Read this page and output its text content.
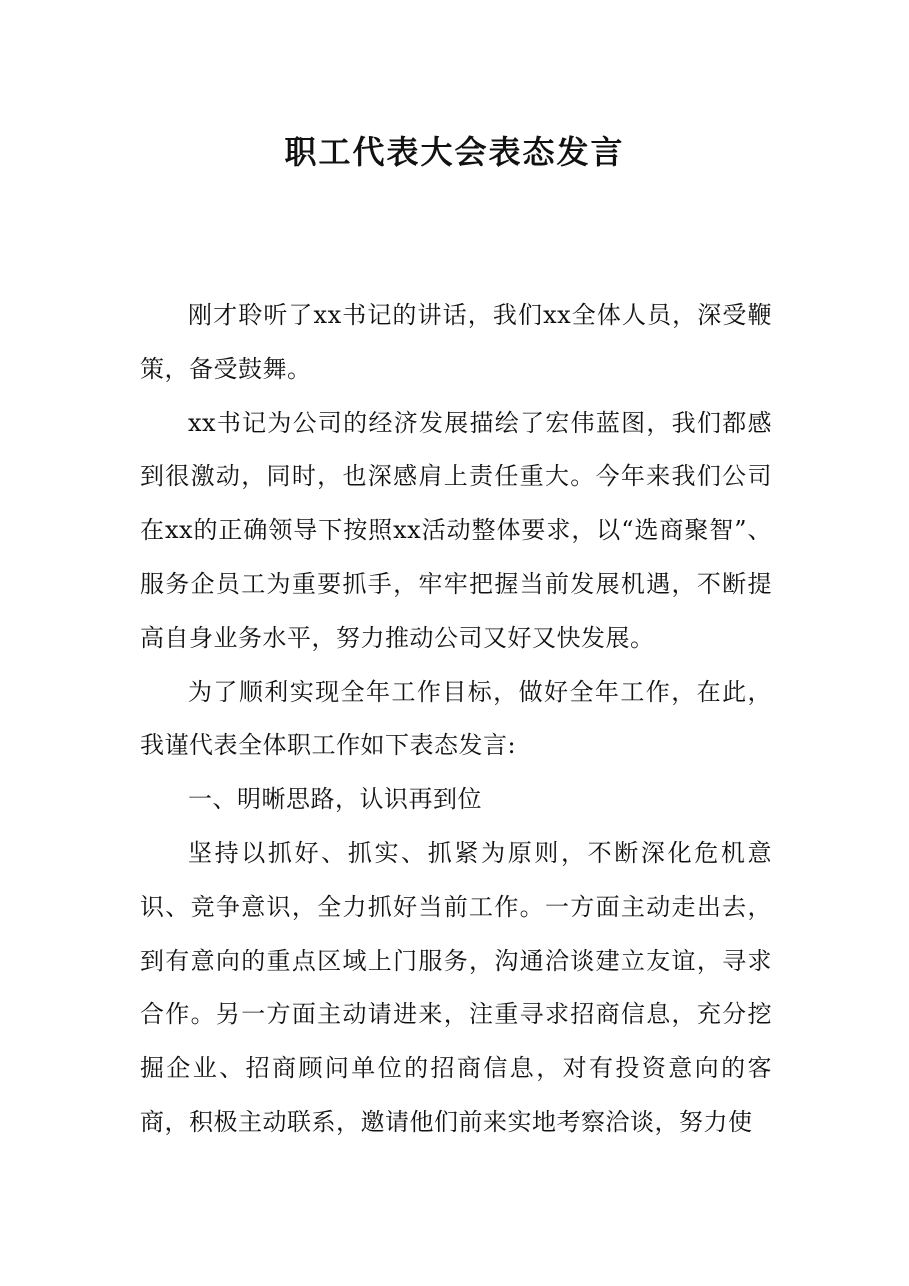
职工代表大会表态发言

刚才聆听了xx书记的讲话，我们xx全体人员，深受鞭策，备受鼓舞。

xx书记为公司的经济发展描绘了宏伟蓝图，我们都感到很激动，同时，也深感肩上责任重大。今年来我们公司在xx的正确领导下按照xx活动整体要求，以“选商聚智”、服务企员工为重要抓手，牢牢把握当前发展机遇，不断提高自身业务水平，努力推动公司又好又快发展。

为了顺利实现全年工作目标，做好全年工作，在此，我谨代表全体职工作如下表态发言:

一、明晰思路，认识再到位

坚持以抓好、抓实、抓紧为原则，不断深化危机意识、竞争意识，全力抓好当前工作。一方面主动走出去，到有意向的重点区域上门服务，沟通洽谈建立友谊，寻求合作。另一方面主动请进来，注重寻求招商信息，充分挖掘企业、招商顾问单位的招商信息，对有投资意向的客商，积极主动联系，邀请他们前来实地考察洽谈，努力使
